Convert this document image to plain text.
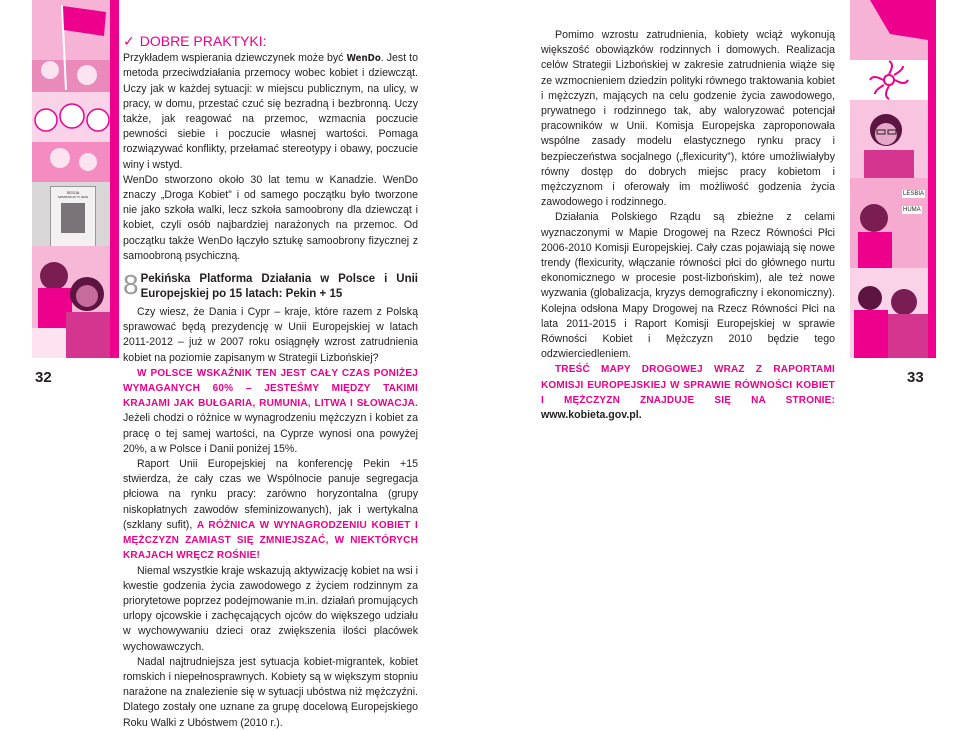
SESJA
SPARTAKUS TY IDAN
32
✓ DOBRE PRAKTYKI:

Przykładem wspierania dziewczynek może być WenDo. Jest to metoda przeciwdziałania przemocy wobec kobiet i dziewcząt. Uczy jak w każdej sytuacji: w miejscu publicznym, na ulicy, w pracy, w domu, przestać czuć się bezradną i bezbronną. Uczy także, jak reagować na przemoc, wzmacnia poczucie pewności siebie i poczucie własnej wartości. Pomaga rozwiązywać konflikty, przełamać stereotypy i obawy, poczucie winy i wstyd.

WenDo stworzono około 30 lat temu w Kanadzie. WenDo znaczy „Droga Kobiet” i od samego początku było tworzone nie jako szkoła walki, lecz szkoła samoobrony dla dziewcząt i kobiet, czyli osób najbardziej narażonych na przemoc. Od początku także WenDo łączyło sztukę samoobrony fizycznej z samoobroną psychiczną.

8 Pekińska Platforma Działania w Polsce i Unii Europejskiej po 15 latach: Pekin + 15

Czy wiesz, że Dania i Cypr – kraje, które razem z Polską sprawować będą prezydencję w Unii Europejskiej w latach 2011-2012 – już w 2007 roku osiągnęły wzrost zatrudnienia kobiet na poziomie zapisanym w Strategii Lizbońskiej?

W POLSCE WSKAŹNIK TEN JEST CAŁY CZAS PONIŻEJ WYMAGANYCH 60% – JESTEŚMY MIĘDZY TAKIMI KRAJAMI JAK BUŁGARIA, RUMUNIA, LITWA I SŁOWACJA. Jeżeli chodzi o różnice w wynagrodzeniu mężczyzn i kobiet za pracę o tej samej wartości, na Cyprze wynosi ona powyżej 20%, a w Polsce i Danii poniżej 15%.

Raport Unii Europejskiej na konferencję Pekin +15 stwierdza, że cały czas we Wspólnocie panuje segregacja płciowa na rynku pracy: zarówno horyzontalna (grupy niskopłatnych zawodów sfeminizowanych), jak i wertykalna (szklany sufit), A RÓŻNICA W WYNAGRODZENIU KOBIET I MĘŻCZYZN ZAMIAST SIĘ ZMNIEJSZAĆ, W NIEKTÓRYCH KRAJACH WRĘCZ ROŚNIE!

Niemal wszystkie kraje wskazują aktywizację kobiet na wsi i kwestie godzenia życia zawodowego z życiem rodzinnym za priorytetowe poprzez podejmowanie m.in. działań promujących urlopy ojcowskie i zachęcających ojców do większego udziału w wychowywaniu dzieci oraz zwiększenia ilości placówek wychowawczych.

Nadal najtrudniejsza jest sytuacja kobiet-migrantek, kobiet romskich i niepełnosprawnych. Kobiety są w większym stopniu narażone na znalezienie się w sytuacji ubóstwa niż mężczyźni. Dlatego zostały one uznane za grupę docelową Europejskiego Roku Walki z Ubóstwem (2010 r.).

Pomimo wzrostu zatrudnienia, kobiety wciąż wykonują większość obowiązków rodzinnych i domowych. Realizacja celów Strategii Lizbońskiej w zakresie zatrudnienia wiąże się ze wzmocnieniem dziedzin polityki równego traktowania kobiet i mężczyzn, mających na celu godzenie życia zawodowego, prywatnego i rodzinnego tak, aby waloryzować potencjał pracowników w Unii. Komisja Europejska zaproponowała wspólne zasady modelu elastycznego rynku pracy i bezpieczeństwa socjalnego („flexicurity”), które umożliwiałyby równy dostęp do dobrych miejsc pracy kobietom i mężczyznom i oferowały im możliwość godzenia życia zawodowego i rodzinnego.

Działania Polskiego Rządu są zbieżne z celami wyznaczonymi w Mapie Drogowej na Rzecz Równości Płci 2006-2010 Komisji Europejskiej. Cały czas pojawiają się nowe trendy (flexicurity, włączanie równości płci do głównego nurtu ekonomicznego w procesie post-lizbońskim), ale też nowe wyzwania (globalizacja, kryzys demograficzny i ekonomiczny). Kolejna odsłona Mapy Drogowej na Rzecz Równości Płci na lata 2011-2015 i Raport Komisji Europejskiej w sprawie Równości Kobiet i Mężczyzn 2010 będzie tego odzwierciedleniem.

TREŚĆ MAPY DROGOWEJ WRAZ Z RAPORTAMI KOMISJI EUROPEJSKIEJ W SPRAWIE RÓWNOŚCI KOBIET I MĘŻCZYZN ZNAJDUJE SIĘ NA STRONIE: www.kobieta.gov.pl.

LESBIA
HUMA
33
